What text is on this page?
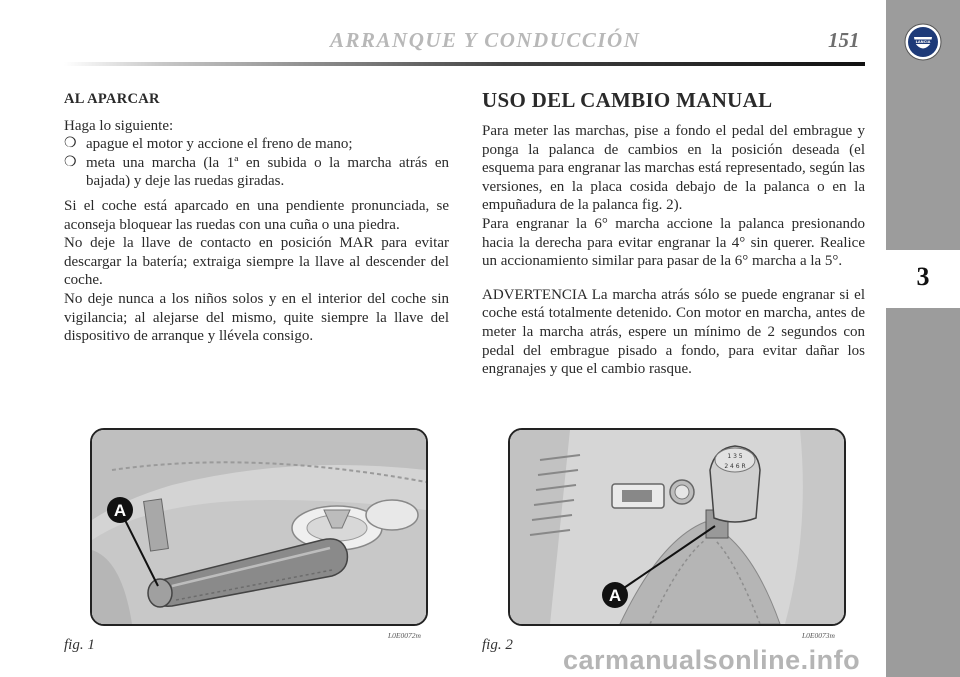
ARRANQUE Y CONDUCCIÓN	151	LANCIA
3

AL APARCAR

Haga lo siguiente:

❍ apague el motor y accione el freno de mano;

❍ meta una marcha (la 1ª en subida o la marcha atrás en bajada) y deje las ruedas giradas.

Si el coche está aparcado en una pendiente pronunciada, se aconseja bloquear las ruedas con una cuña o una piedra.

No deje la llave de contacto en posición MAR para evitar descargar la batería; extraiga siempre la llave al descender del coche.

No deje nunca a los niños solos y en el interior del coche sin vigilancia; al alejarse del mismo, quite siempre la llave del dispositivo de arranque y llévela consigo.

USO DEL CAMBIO MANUAL

Para meter las marchas, pise a fondo el pedal del embrague y ponga la palanca de cambios en la posición deseada (el esquema para engranar las marchas está representado, según las versiones, en la placa cosida debajo de la palanca o en la empuñadura de la palanca fig. 2).

Para engranar la 6° marcha accione la palanca presionando hacia la derecha para evitar engranar la 4° sin querer. Realice un accionamiento similar para pasar de la 6° marcha a la 5°.

ADVERTENCIA La marcha atrás sólo se puede engranar si el coche está totalmente detenido. Con motor en marcha, antes de meter la marcha atrás, espere un mínimo de 2 segundos con pedal del embrague pisado a fondo, para evitar dañar los engranajes y que el cambio rasque.

A
fig. 1
L0E0072m
1 3 5
2 4 6 R
A
fig. 2
L0E0073m
carmanualsonline.info
